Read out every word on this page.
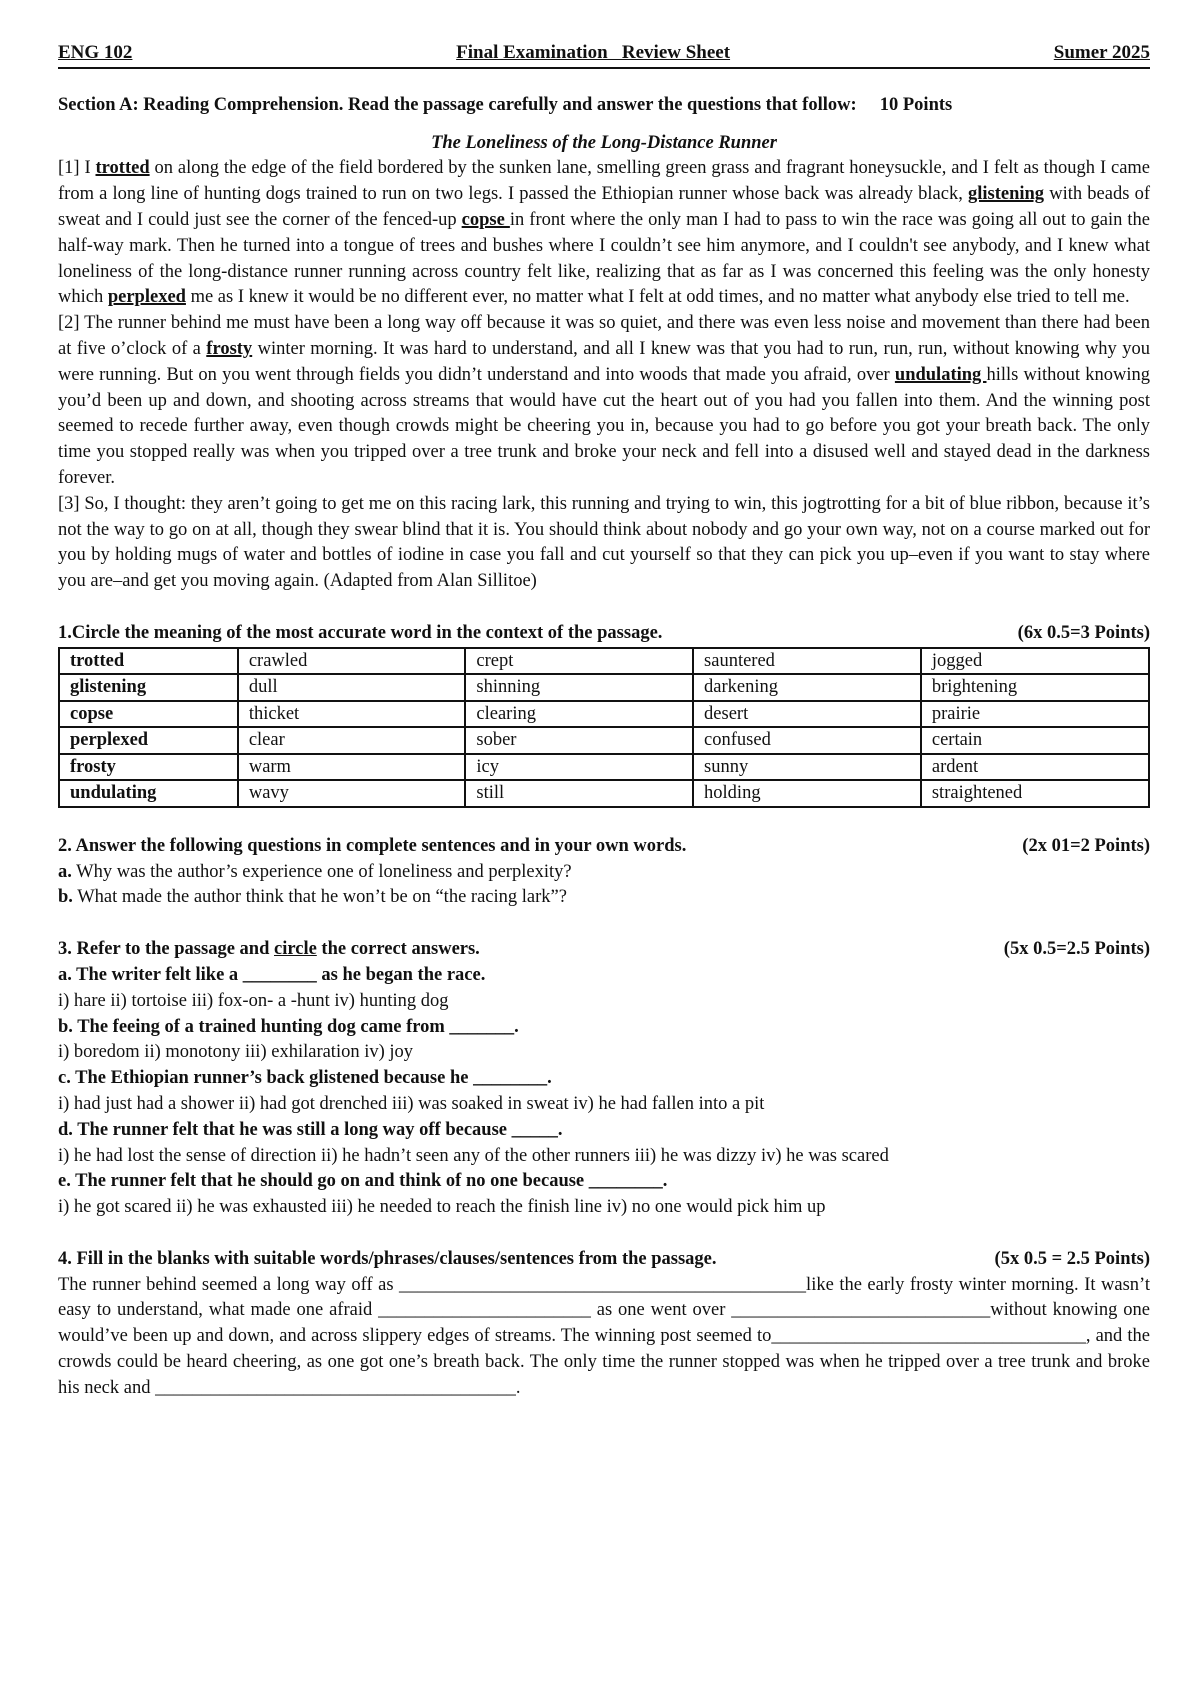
ENG 102	Final Examination   Review Sheet	Sumer 2025
Section A: Reading Comprehension. Read the passage carefully and answer the questions that follow:     10 Points
The Loneliness of the Long-Distance Runner

[1] I trotted on along the edge of the field bordered by the sunken lane, smelling green grass and fragrant honeysuckle, and I felt as though I came from a long line of hunting dogs trained to run on two legs. I passed the Ethiopian runner whose back was already black, glistening with beads of sweat and I could just see the corner of the fenced-up copse in front where the only man I had to pass to win the race was going all out to gain the half-way mark. Then he turned into a tongue of trees and bushes where I couldn’t see him anymore, and I couldn't see anybody, and I knew what loneliness of the long-distance runner running across country felt like, realizing that as far as I was concerned this feeling was the only honesty which perplexed me as I knew it would be no different ever, no matter what I felt at odd times, and no matter what anybody else tried to tell me.

[2] The runner behind me must have been a long way off because it was so quiet, and there was even less noise and movement than there had been at five o’clock of a frosty winter morning. It was hard to understand, and all I knew was that you had to run, run, run, without knowing why you were running. But on you went through fields you didn’t understand and into woods that made you afraid, over undulating hills without knowing you’d been up and down, and shooting across streams that would have cut the heart out of you had you fallen into them. And the winning post seemed to recede further away, even though crowds might be cheering you in, because you had to go before you got your breath back. The only time you stopped really was when you tripped over a tree trunk and broke your neck and fell into a disused well and stayed dead in the darkness forever.

[3] So, I thought: they aren’t going to get me on this racing lark, this running and trying to win, this jogtrotting for a bit of blue ribbon, because it’s not the way to go on at all, though they swear blind that it is. You should think about nobody and go your own way, not on a course marked out for you by holding mugs of water and bottles of iodine in case you fall and cut yourself so that they can pick you up–even if you want to stay where you are–and get you moving again. (Adapted from Alan Sillitoe)

1.Circle the meaning of the most accurate word in the context of the passage.	(6x 0.5=3 Points)
trotted	crawled	crept	sauntered	jogged
glistening	dull	shinning	darkening	brightening
copse	thicket	clearing	desert	prairie
perplexed	clear	sober	confused	certain
frosty	warm	icy	sunny	ardent
undulating	wavy	still	holding	straightened
2. Answer the following questions in complete sentences and in your own words.	(2x 01=2 Points)
a. Why was the author’s experience one of loneliness and perplexity?
b. What made the author think that he won’t be on “the racing lark”?
3. Refer to the passage and circle the correct answers.	(5x 0.5=2.5 Points)
a. The writer felt like a ________ as he began the race.
i) hare ii) tortoise iii) fox-on- a -hunt iv) hunting dog
b. The feeing of a trained hunting dog came from _______.
i) boredom ii) monotony iii) exhilaration iv) joy
c. The Ethiopian runner’s back glistened because he ________.
i) had just had a shower ii) had got drenched iii) was soaked in sweat iv) he had fallen into a pit
d. The runner felt that he was still a long way off because _____.
i) he had lost the sense of direction ii) he hadn’t seen any of the other runners iii) he was dizzy iv) he was scared
e. The runner felt that he should go on and think of no one because ________.
i) he got scared ii) he was exhausted iii) he needed to reach the finish line iv) no one would pick him up
4. Fill in the blanks with suitable words/phrases/clauses/sentences from the passage.	(5x 0.5 = 2.5 Points)

The runner behind seemed a long way off as ____________________________________________like the early frosty winter morning. It wasn’t easy to understand, what made one afraid _______________________ as one went over ____________________________without knowing one would’ve been up and down, and across slippery edges of streams. The winning post seemed to__________________________________, and the crowds could be heard cheering, as one got one’s breath back. The only time the runner stopped was when he tripped over a tree trunk and broke his neck and _______________________________________.
